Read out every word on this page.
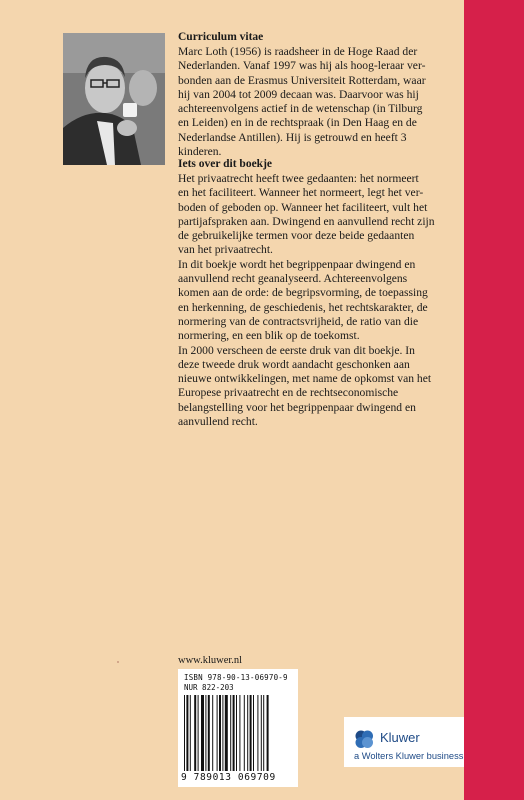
Curriculum vitae
Marc Loth (1956) is raadsheer in de Hoge Raad der
Nederlanden. Vanaf 1997 was hij als hoog-leraar ver-
bonden aan de Erasmus Universiteit Rotterdam, waar
hij van 2004 tot 2009 decaan was. Daarvoor was hij
achtereenvolgens actief in de wetenschap (in Tilburg
en Leiden) en in de rechtspraak (in Den Haag en de
Nederlandse Antillen). Hij is getrouwd en heeft 3
kinderen.
Iets over dit boekje

Het privaatrecht heeft twee gedaanten: het normeert
en het faciliteert. Wanneer het normeert, legt het ver-
boden of geboden op. Wanneer het faciliteert, vult het
partijafspraken aan. Dwingend en aanvullend recht zijn
de gebruikelijke termen voor deze beide gedaanten
van het privaatrecht.

In dit boekje wordt het begrippenpaar dwingend en
aanvullend recht geanalyseerd. Achtereenvolgens
komen aan de orde: de begripsvorming, de toepassing
en herkenning, de geschiedenis, het rechtskarakter, de
normering van de contractsvrijheid, de ratio van die
normering, en een blik op de toekomst.

In 2000 verscheen de eerste druk van dit boekje. In
deze tweede druk wordt aandacht geschonken aan
nieuwe ontwikkelingen, met name de opkomst van het
Europese privaatrecht en de rechtseconomische
belangstelling voor het begrippenpaar dwingend en
aanvullend recht.

www.kluwer.nl
ISBN 978-90-13-06970-9
NUR 822-203
9 789013 069709
Kluwer
a Wolters Kluwer business
